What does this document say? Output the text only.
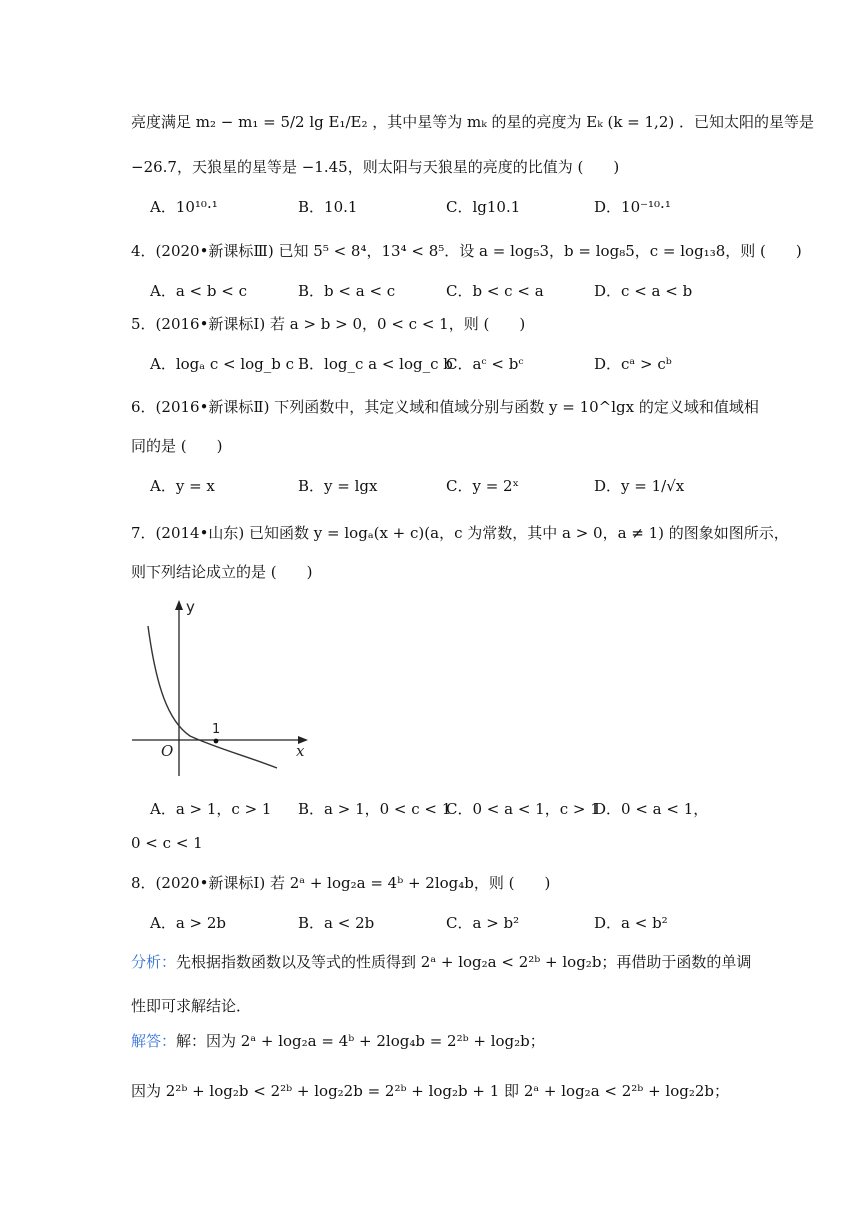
亮度满足 m₂ − m₁ = 5/2 lg E₁/E₂ ，其中星等为 mₖ 的星的亮度为 Eₖ (k = 1,2) ．已知太阳的星等是
−26.7，天狼星的星等是 −1.45，则太阳与天狼星的亮度的比值为 (　　)
A．10¹⁰·¹	B．10.1	C．lg10.1	D．10⁻¹⁰·¹
4．(2020•新课标Ⅲ) 已知 5⁵ < 8⁴，13⁴ < 8⁵．设 a = log₅3，b = log₈5，c = log₁₃8，则 (　　)
A．a < b < c	B．b < a < c	C．b < c < a	D．c < a < b
5．(2016•新课标Ⅰ) 若 a > b > 0，0 < c < 1，则 (　　)
A．logₐ c < log_b c B．log_c a < log_c b
C．aᶜ < bᶜ	D．cᵃ > cᵇ
6．(2016•新课标Ⅱ) 下列函数中，其定义域和值域分别与函数 y = 10^lgx 的定义域和值域相
同的是 (　　)
A．y = x	B．y = lgx	C．y = 2ˣ	D．y = 1/√x
7．(2014•山东) 已知函数 y = logₐ(x + c)(a，c 为常数，其中 a > 0，a ≠ 1) 的图象如图所示，
则下列结论成立的是 (　　)
y
x
O
1
A．a > 1，c > 1 B．a > 1，0 < c < 1
C．0 < a < 1，c > 1
D．0 < a < 1，
0 < c < 1
8．(2020•新课标Ⅰ) 若 2ᵃ + log₂a = 4ᵇ + 2log₄b，则 (　　)
A．a > 2b	B．a < 2b	C．a > b²	D．a < b²
分析：先根据指数函数以及等式的性质得到 2ᵃ + log₂a < 2²ᵇ + log₂b；再借助于函数的单调
性即可求解结论．
解答：解：因为 2ᵃ + log₂a = 4ᵇ + 2log₄b = 2²ᵇ + log₂b；
因为 2²ᵇ + log₂b < 2²ᵇ + log₂2b = 2²ᵇ + log₂b + 1 即 2ᵃ + log₂a < 2²ᵇ + log₂2b；
